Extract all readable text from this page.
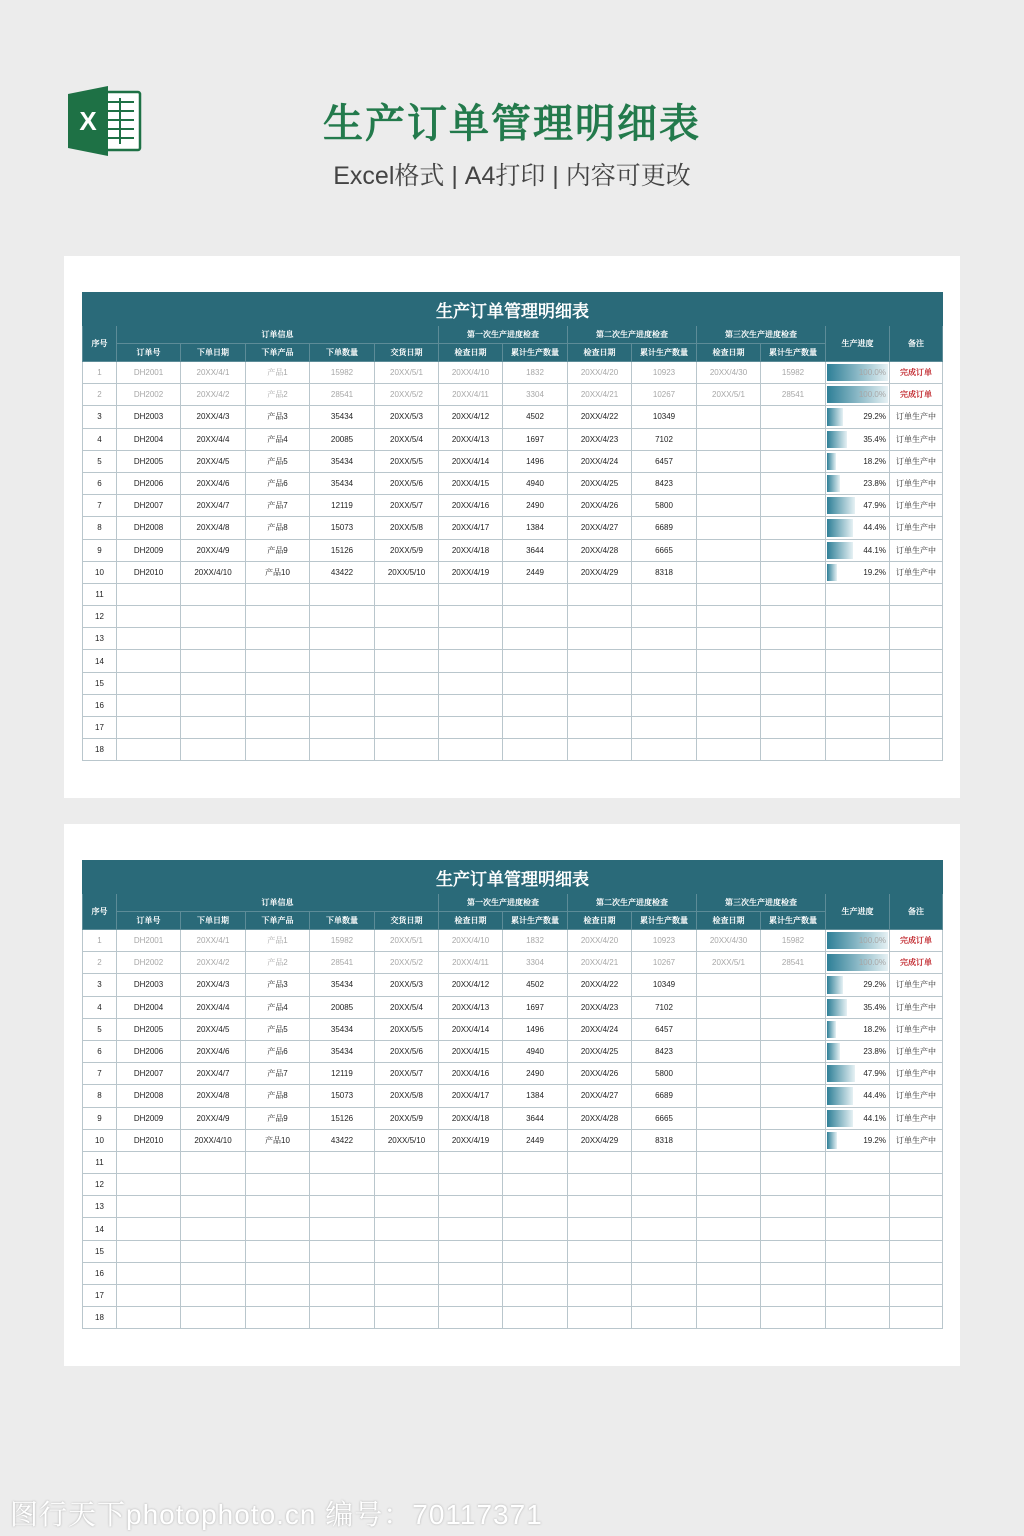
X	生产订单管理明细表
Excel格式 | A4打印 | 内容可更改
生产订单管理明细表													
序号	订单信息					第一次生产进度检查		第二次生产进度检查		第三次生产进度检查		生产进度	备注
	订单号	下单日期	下单产品	下单数量	交货日期	检查日期	累计生产数量	检查日期	累计生产数量	检查日期	累计生产数量		
1	DH2001	20XX/4/1	产品1	15982	20XX/5/1	20XX/4/10	1832	20XX/4/20	10923	20XX/4/30	15982	100.0%	完成订单
2	DH2002	20XX/4/2	产品2	28541	20XX/5/2	20XX/4/11	3304	20XX/4/21	10267	20XX/5/1	28541	100.0%	完成订单
3	DH2003	20XX/4/3	产品3	35434	20XX/5/3	20XX/4/12	4502	20XX/4/22	10349			29.2%	订单生产中
4	DH2004	20XX/4/4	产品4	20085	20XX/5/4	20XX/4/13	1697	20XX/4/23	7102			35.4%	订单生产中
5	DH2005	20XX/4/5	产品5	35434	20XX/5/5	20XX/4/14	1496	20XX/4/24	6457			18.2%	订单生产中
6	DH2006	20XX/4/6	产品6	35434	20XX/5/6	20XX/4/15	4940	20XX/4/25	8423			23.8%	订单生产中
7	DH2007	20XX/4/7	产品7	12119	20XX/5/7	20XX/4/16	2490	20XX/4/26	5800			47.9%	订单生产中
8	DH2008	20XX/4/8	产品8	15073	20XX/5/8	20XX/4/17	1384	20XX/4/27	6689			44.4%	订单生产中
9	DH2009	20XX/4/9	产品9	15126	20XX/5/9	20XX/4/18	3644	20XX/4/28	6665			44.1%	订单生产中
10	DH2010	20XX/4/10	产品10	43422	20XX/5/10	20XX/4/19	2449	20XX/4/29	8318			19.2%	订单生产中
11													
12													
13													
14													
15													
16													
17													
18													
生产订单管理明细表													
序号	订单信息					第一次生产进度检查		第二次生产进度检查		第三次生产进度检查		生产进度	备注
	订单号	下单日期	下单产品	下单数量	交货日期	检查日期	累计生产数量	检查日期	累计生产数量	检查日期	累计生产数量		
1	DH2001	20XX/4/1	产品1	15982	20XX/5/1	20XX/4/10	1832	20XX/4/20	10923	20XX/4/30	15982	100.0%	完成订单
2	DH2002	20XX/4/2	产品2	28541	20XX/5/2	20XX/4/11	3304	20XX/4/21	10267	20XX/5/1	28541	100.0%	完成订单
3	DH2003	20XX/4/3	产品3	35434	20XX/5/3	20XX/4/12	4502	20XX/4/22	10349			29.2%	订单生产中
4	DH2004	20XX/4/4	产品4	20085	20XX/5/4	20XX/4/13	1697	20XX/4/23	7102			35.4%	订单生产中
5	DH2005	20XX/4/5	产品5	35434	20XX/5/5	20XX/4/14	1496	20XX/4/24	6457			18.2%	订单生产中
6	DH2006	20XX/4/6	产品6	35434	20XX/5/6	20XX/4/15	4940	20XX/4/25	8423			23.8%	订单生产中
7	DH2007	20XX/4/7	产品7	12119	20XX/5/7	20XX/4/16	2490	20XX/4/26	5800			47.9%	订单生产中
8	DH2008	20XX/4/8	产品8	15073	20XX/5/8	20XX/4/17	1384	20XX/4/27	6689			44.4%	订单生产中
9	DH2009	20XX/4/9	产品9	15126	20XX/5/9	20XX/4/18	3644	20XX/4/28	6665			44.1%	订单生产中
10	DH2010	20XX/4/10	产品10	43422	20XX/5/10	20XX/4/19	2449	20XX/4/29	8318			19.2%	订单生产中
11													
12													
13													
14													
15													
16													
17													
18													
图行天下photophoto.cn 编号：70117371
